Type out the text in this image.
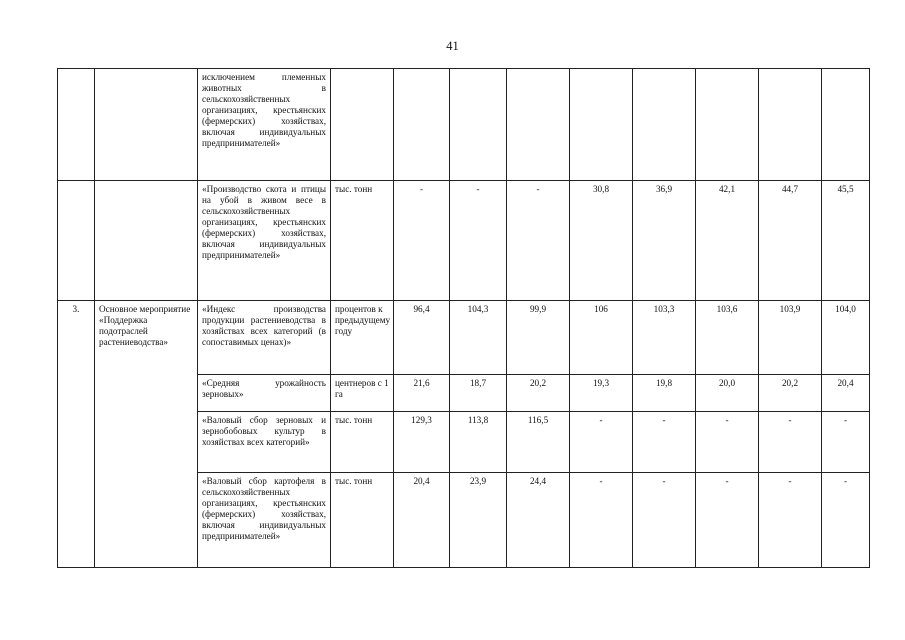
41
		исключением племенных животных в сельскохозяйственных организациях, крестьянских (фермерских) хозяйствах, включая индивидуальных предпринимателей»									
		«Производство скота и птицы на убой в живом весе в сельскохозяйственных организациях, крестьянских (фермерских) хозяйствах, включая индивидуальных предпринимателей»	тыс. тонн	-	-	-	30,8	36,9	42,1	44,7	45,5
3.	Основное мероприятие «Поддержка подотраслей растениеводства»	«Индекс производства продукции растениеводства в хозяйствах всех категорий (в сопоставимых ценах)»	процентов к предыдущему году	96,4	104,3	99,9	106	103,3	103,6	103,9	104,0
		«Средняя урожайность зерновых»	центнеров с 1 га	21,6	18,7	20,2	19,3	19,8	20,0	20,2	20,4
		«Валовый сбор зерновых и зернобобовых культур в хозяйствах всех категорий»	тыс. тонн	129,3	113,8	116,5	-	-	-	-	-
		«Валовый сбор картофеля в сельскохозяйственных организациях, крестьянских (фермерских) хозяйствах, включая индивидуальных предпринимателей»	тыс. тонн	20,4	23,9	24,4	-	-	-	-	-
